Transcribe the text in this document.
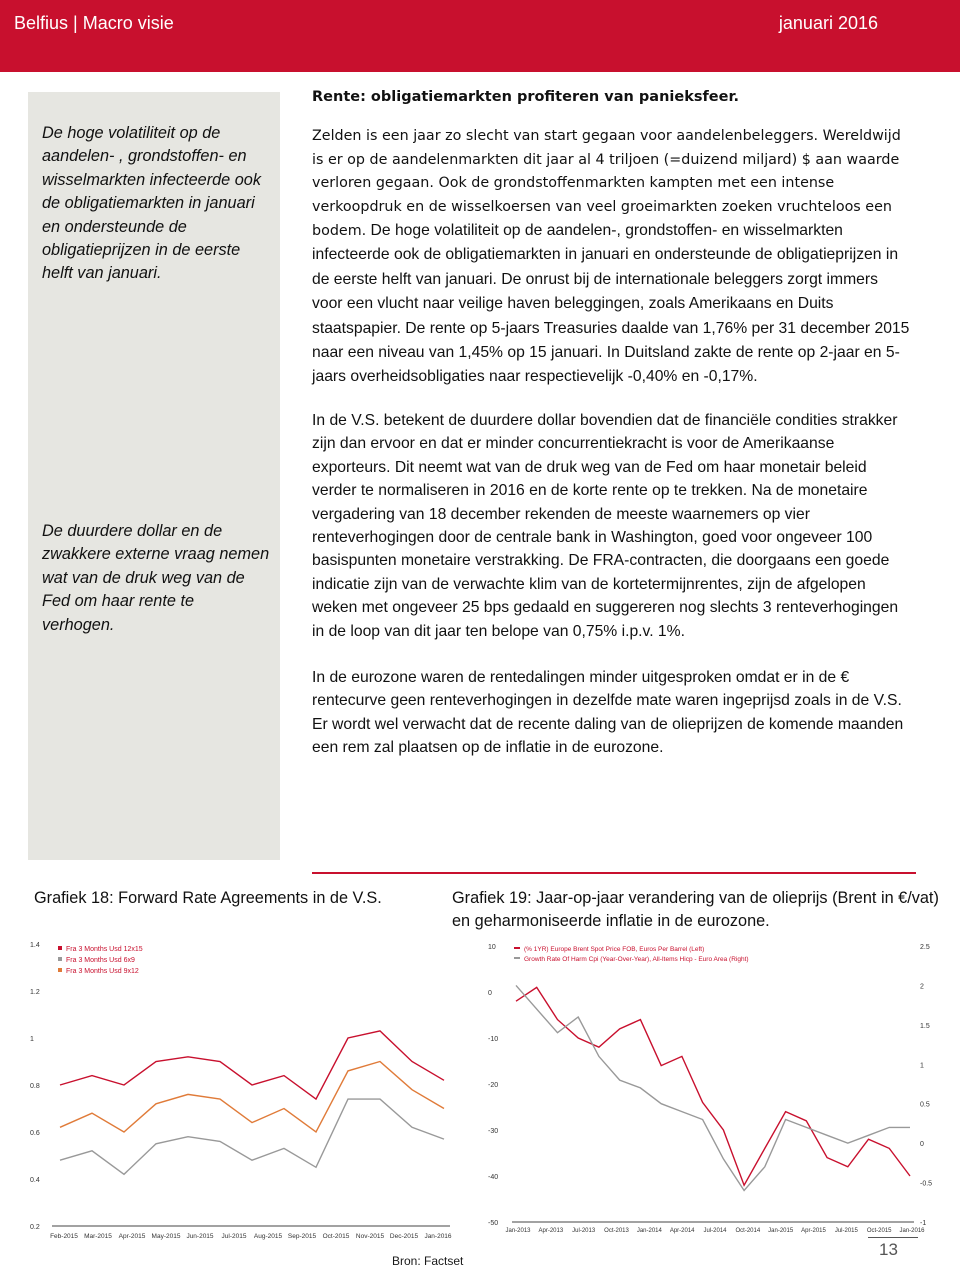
Belfius | Macro visie	januari 2016
De hoge volatiliteit op de aandelen- , grondstoffen- en wisselmarkten infecteerde ook de obligatiemarkten in januari en ondersteunde de obligatieprijzen in de eerste helft van januari.
De duurdere dollar en de zwakkere externe vraag nemen wat van de druk weg van de Fed om haar rente te verhogen.

Rente: obligatiemarkten profiteren van panieksfeer.

Zelden is een jaar zo slecht van start gegaan voor aandelenbeleggers. Wereldwijd is er op de aandelenmarkten dit jaar al 4 triljoen (=duizend miljard) $ aan waarde verloren gegaan. Ook de grondstoffenmarkten kampten met een intense verkoopdruk en de wisselkoersen van veel groeimarkten zoeken vruchteloos een bodem. De hoge volatiliteit op de aandelen-, grondstoffen- en wisselmarkten infecteerde ook de obligatiemarkten in januari en ondersteunde de obligatieprijzen in de eerste helft van januari. De onrust bij de internationale beleggers zorgt immers voor een vlucht naar veilige haven beleggingen, zoals Amerikaans en Duits staatspapier. De rente op 5-jaars Treasuries daalde van 1,76% per 31 december 2015 naar een niveau van 1,45% op 15 januari. In Duitsland zakte de rente op 2-jaar en 5-jaars overheidsobligaties naar respectievelijk -0,40% en -0,17%.

In de V.S. betekent de duurdere dollar bovendien dat de financiële condities strakker zijn dan ervoor en dat er minder concurrentiekracht is voor de Amerikaanse exporteurs. Dit neemt wat van de druk weg van de Fed om haar monetair beleid verder te normaliseren in 2016 en de korte rente op te trekken. Na de monetaire vergadering van 18 december rekenden de meeste waarnemers op vier renteverhogingen door de centrale bank in Washington, goed voor ongeveer 100 basispunten monetaire verstrakking. De FRA-contracten, die doorgaans een goede indicatie zijn van de verwachte klim van de kortetermijnrentes, zijn de afgelopen weken met ongeveer 25 bps gedaald en suggereren nog slechts 3 renteverhogingen in de loop van dit jaar ten belope van 0,75% i.p.v. 1%.

In de eurozone waren de rentedalingen minder uitgesproken omdat er in de € rentecurve geen renteverhogingen in dezelfde mate waren ingeprijsd zoals in de V.S. Er wordt wel verwacht dat de recente daling van de olieprijzen de komende maanden een rem zal plaatsen op de inflatie in de eurozone.

Grafiek 18: Forward Rate Agreements in de V.S.	Grafiek 19: Jaar-op-jaar verandering van de olieprijs (Brent in €/vat) en geharmoniseerde inflatie in de eurozone.
1.4
1.2
1
0.8
0.6
0.4
0.2
Feb-2015 Mar-2015 Apr-2015 May-2015 Jun-2015 Jul-2015 Aug-2015 Sep-2015 Oct-2015 Nov-2015 Dec-2015 Jan-2016
Fra 3 Months Usd 12x15
Fra 3 Months Usd 6x9
Fra 3 Months Usd 9x12
10
0
-10
-20
-30
-40
-50
2.5
2
1.5
1
0.5
0
-0.5
-1
Jan-2013 Apr-2013 Jul-2013 Oct-2013 Jan-2014 Apr-2014 Jul-2014 Oct-2014 Jan-2015 Apr-2015 Jul-2015 Oct-2015 Jan-2016
(% 1YR) Europe Brent Spot Price FOB, Euros Per Barrel (Left)
Growth Rate Of Harm Cpi (Year-Over-Year), All-Items Hicp - Euro Area (Right)
Bron: Factset
13
